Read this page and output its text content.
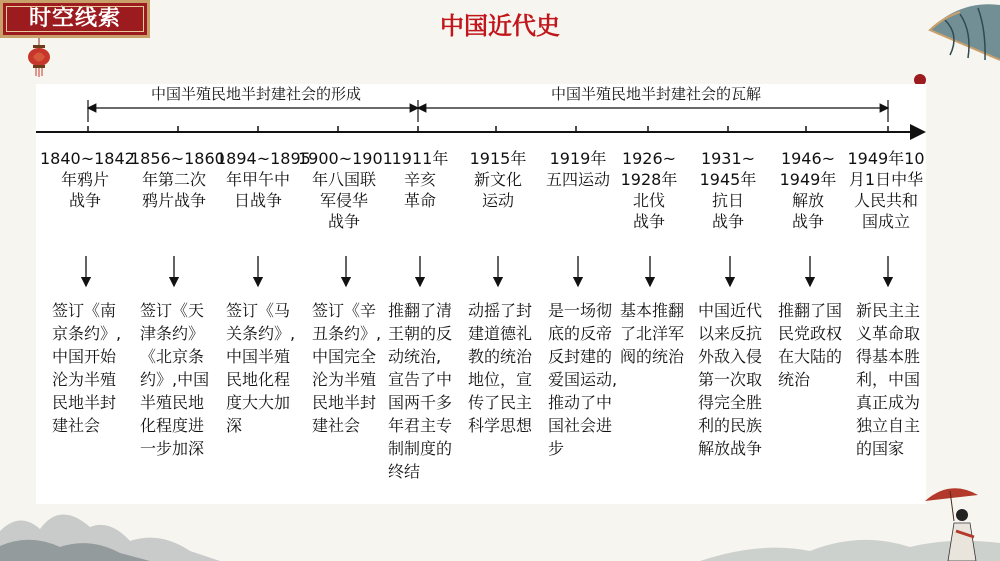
时空线索	中国近代史
中国半殖民地半封建社会的形成	中国半殖民地半封建社会的瓦解
1840~1842
年鸦片
战争
1856~1860
年第二次
鸦片战争
1894~1895
年甲午中
日战争
1900~1901
年八国联
军侵华
战争
1911年
辛亥
革命
1915年
新文化
运动
1919年
五四运动
1926~
1928年
北伐
战争
1931~
1945年
抗日
战争
1946~
1949年
解放
战争
1949年10
月1日中华
人民共和
国成立
签订《南
京条约》,
中国开始
沦为半殖
民地半封
建社会
签订《天
津条约》
《北京条
约》,中国
半殖民地
化程度进
一步加深
签订《马
关条约》,
中国半殖
民地化程
度大大加
深
签订《辛
丑条约》,
中国完全
沦为半殖
民地半封
建社会
推翻了清
王朝的反
动统治,
宣告了中
国两千多
年君主专
制制度的
终结
动摇了封
建道德礼
教的统治
地位，宣
传了民主
科学思想
是一场彻
底的反帝
反封建的
爱国运动,
推动了中
国社会进
步
基本推翻
了北洋军
阀的统治
中国近代
以来反抗
外敌入侵
第一次取
得完全胜
利的民族
解放战争
推翻了国
民党政权
在大陆的
统治
新民主主
义革命取
得基本胜
利，中国
真正成为
独立自主
的国家
